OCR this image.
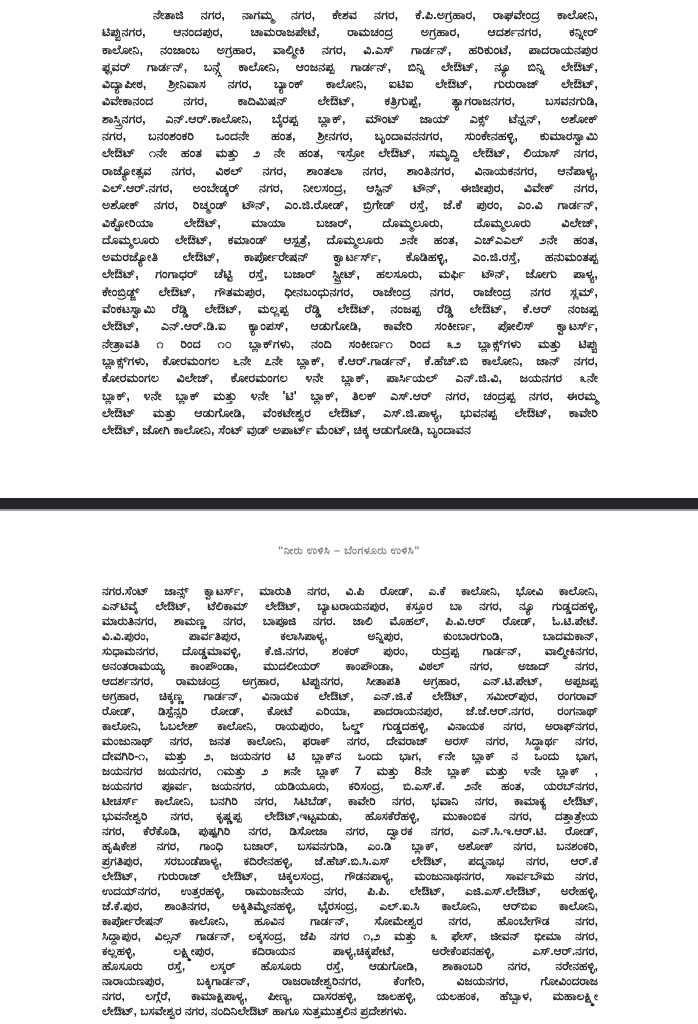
ನೇತಾಜಿ ನಗರ, ನಾಗಮ್ಮ ನಗರ, ಕೇಶವ ನಗರ, ಕೆ.ಪಿ.ಅಗ್ರಹಾರ, ರಾಘವೇಂದ್ರ ಕಾಲೋನಿ,
ಟಿಪ್ಪುನಗರ, ಆನಂದಪುರ, ಚಾಮರಾಜಪೇಟೆ, ರಾಮಚಂದ್ರ ಅಗ್ರಹಾರ, ಆದರ್ಶನಗರ, ಕನ್ನೀರ್
ಕಾಲೋನಿ, ನಂಜಾಂಬ ಅಗ್ರಹಾರ, ವಾಲ್ಮೀಕಿ ನಗರ, ವಿ.ಎಸ್ ಗಾರ್ಡನ್, ಹರಿಕುಂಟೆ, ಪಾದರಾಯನಪುರ
ಫ್ಲವರ್ ಗಾರ್ಡನ್, ಬನ್ಗ್ಗೆ ಕಾಲೋನಿ, ಆಂಜನಪ್ಪ ಗಾರ್ಡನ್, ಬಿನ್ನಿ ಲೇಔಟ್, ನ್ಯೂ ಬಿನ್ನಿ ಲೇಔಟ್,
ವಿದ್ಯಾಪೀಠ, ಶ್ರೀನಿವಾಸ ನಗರ, ಬ್ಯಾಂಕ್ ಕಾಲೋನಿ, ಐಟಿಐ ಲೇಔಟ್, ಗುರುರಾಜ್ ಲೇಔಟ್,
ವಿವೇಕಾನಂದ ನಗರ, ಕಾದಿಮಿಷನ್ ಲೇಔಟ್, ಕತ್ರಿಗುಪ್ಪೆ, ತ್ಯಾಗರಾಜನಗರ, ಬಸವನಗುಡಿ,
ಶಾಸ್ತ್ರಿನಗರ, ಎನ್.ಆರ್.ಕಾಲೋನಿ, ಬೈರಪ್ಪ ಬ್ಲಾಕ್, ಮೌಂಟ್ ಜಾಯ್ ಎಕ್ಸ್ ಟೆನ್ಷನ್, ಅಶೋಕ್
ನಗರ, ಬನಂಶಂಕರಿ ಒಂದನೇ ಹಂತ, ಶ್ರೀನಗರ, ಬೃಂದಾವನನಗರ, ಸುಂಕೇನಹಳ್ಳಿ, ಕುಮಾರಸ್ವಾಮಿ
ಲೇಔಟ್ ೧ನೇ ಹಂತ ಮತ್ತು ೨ ನೇ ಹಂತ, ಇಸ್ರೋ ಲೇಔಟ್, ಸಮೃದ್ದಿ ಲೇಔಟ್, ಲಿಯಾಸ್ ನಗರ,
ರಾಜ್ಯೋತ್ಸವ ನಗರ, ವಿಠಲ್ ನಗರ, ಶಾಂತಲಾ ನಗರ, ಶಾಂತಿನಗರ, ವಿನಾಯಕನಗರ, ಆನೆಪಾಳ್ಯ,
ಎಲ್.ಆರ್.ನಗರ, ಅಂಬೇಡ್ಕರ್ ನಗರ, ನೀಲಸಂದ್ರ, ಆಸ್ಟಿನ್ ಟೌನ್, ಈಜೀಪುರ, ವಿವೇಕ್ ನಗರ,
ಅಶೋಕ್ ನಗರ, ರಿಚ್ಮಂಡ್ ಟೌನ್, ಎಂ.ಜಿ.ರೋಡ್, ಬ್ರಿಗೇಡ್ ರಸ್ತೆ, ಜೆ.ಕೆ ಪುರಂ, ಎಂ.ವಿ ಗಾರ್ಡನ್,
ವಿಕ್ಟೋರಿಯಾ ಲೇಔಟ್, ಮಾಯಾ ಬಜಾರ್, ದೊಮ್ಮಲೂರು, ದೊಮ್ಮಲೂರು ವಿಲೇಜ್,
ದೊಮ್ಮಲೂರು ಲೇಔಟ್, ಕಮಾಂಡ್ ಆಸ್ಪತ್ರೆ, ದೊಮ್ಮಲೂರು ೨ನೇ ಹಂತ, ಎಚ್ಎಎಲ್ ೨ನೇ ಹಂತ,
ಅಮರಜ್ಯೋತಿ ಲೇಔಟ್, ಕಾರ್ಪೋರೇಷನ್ ಕ್ವಾರ್ಟರ್ಸ್, ಕೊಡಿಹಳ್ಳಿ, ಎಂ.ಜಿ.ರಸ್ತೆ, ಹನುಮಂತಪ್ಪ
ಲೇಔಟ್, ಗಂಗಾಧರ್ ಚೆಟ್ಟಿ ರಸ್ತೆ, ಬಜಾರ್ ಸ್ಟ್ರೀಟ್, ಹಲಸೂರು, ಮರ್ಫಿ ಟೌನ್, ಜೋಗು ಪಾಳ್ಯ,
ಕೇಂಬ್ರಿಡ್ಜ್ ಲೇಔಟ್, ಗೌತಮಪುರ, ಧೀನಬಂಧುನಗರ, ರಾಜೇಂದ್ರ ನಗರ, ರಾಜೇಂದ್ರ ನಗರ ಸ್ಲಮ್,
ವೆಂಕಟಸ್ವಾಮಿ ರೆಡ್ಡಿ ಲೇಔಟ್, ಮಲ್ಲಪ್ಪ ರೆಡ್ಡಿ ಲೇಔಟ್, ನಂಜಪ್ಪ ರೆಡ್ಡಿ ಲೇಔಟ್, ಕೆ.ಆರ್ ನಂಜಪ್ಪ
ಲೇಔಟ್, ಎನ್.ಆರ್.ಡಿ.ಐ ಕ್ಯಾಂಪಸ್, ಆಡುಗೋಡಿ, ಕಾವೇರಿ ಸಂಕೀರ್ಣ, ಪೋಲಿಸ್ ಕ್ವಾಟರ್ಸ್,
ನೇತ್ರಾವತಿ ೧ ರಿಂದ ೧೦ ಬ್ಲಾಕ್‌ಗಳು, ನಂದಿ ಸಂಕೀರ್ಣ೧ ರಿಂದ ೩೨ ಬ್ಲಾಕ್ಸ್‌ಗಳು ಮತ್ತು ಟಿಪ್ಪು
ಬ್ಲಾಕ್ಸ್‌ಗಳು, ಕೋರಮಂಗಲ ೬ನೇ ೭ನೇ ಬ್ಲಾಕ್, ಕೆ.ಆರ್.ಗಾರ್ಡನ್, ಕೆ.ಹೆಚ್.ಬಿ ಕಾಲೋನಿ, ಜಾನ್ ನಗರ,
ಕೋರಮಂಗಲ ವಿಲೇಜ್, ಕೋರಮಂಗಲ ೪ನೇ ಬ್ಲಾಕ್, ಪಾರ್ಸಿಯಲ್ ಎನ್.ಜಿ.ವಿ, ಜಯನಗರ ೩ನೇ
ಬ್ಲಾಕ್, ೪ನೇ ಬ್ಲಾಕ್ ಮತ್ತು ೪ನೇ 'ಟಿ' ಬ್ಲಾಕ್, ತಿಲಕ್ ಎಸ್.ಆರ್ ನಗರ, ಚಂದ್ರಪ್ಪ ನಗರ, ಈರಮ್ಮ
ಲೇಔಟ್ ಮತ್ತು ಆಡುಗೋಡಿ, ವೆಂಕಟೇಶ್ವರ ಲೇಔಟ್, ಎಸ್.ಜಿ.ಪಾಳ್ಯ, ಭುವನಪ್ಪ ಲೇಔಟ್, ಕಾವೇರಿ
ಲೇಔಟ್, ಜೋಗಿ ಕಾಲೋನಿ, ಸೆಂಟ್ ವುಡ್ ಅಪಾರ್ಟ್ ಮೆಂಟ್, ಚಿಕ್ಕ ಆಡುಗೋಡಿ, ಬೃಂದಾವನ
"ನೀರು ಉಳಿಸಿ – ಬೆಂಗಳೂರು ಉಳಿಸಿ"
ನಗರ.ಸೆಂಟ್ ಜಾನ್ಸ್ ಕ್ವಾಟರ್ಸ್, ಮಾರುತಿ ನಗರ, ವಿ.ಪಿ ರೋಡ್, ಎ.ಕೆ ಕಾಲೋನಿ, ಭೋವಿ ಕಾಲೋನಿ,
ಎನ್‌ಟಿವೈ ಲೇಔಟ್, ಟೆಲಿಕಾಮ್ ಲೇಔಟ್, ಬ್ಯಾಟರಾಯನಪುರ, ಕಸ್ತೂರ ಬಾ ನಗರ, ನ್ಯೂ ಗುಡ್ಡದಹಳ್ಳಿ,
ಮಾರುತಿನಗರ, ಶಾಮಣ್ಣ ನಗರ, ಬಾಪೂಜಿ ನಗರ. ಜಾಲಿ ಮೊಹಲ್, ಪಿ.ವಿ.ಆರ್ ರೋಡ್, ಓ.ಟಿ.ಪೇಟೆ.
ವಿ.ವಿ.ಪುರಂ, ಪಾರ್ವತಿಪುರ, ಕಲಾಸಿಪಾಳ್ಯ, ಅನ್ನಿಪುರ, ಕುಂಬಾರಗುಂಡಿ, ಬಾದಮಕಾನ್,
ಸುಧಾಮನಗರ, ದೊಡ್ಡಮಾವಳ್ಳಿ, ಕೆ.ಜಿ.ನಗರ, ಶಂಕರ್ ಪುರಂ, ರುದ್ರಪ್ಪ ಗಾರ್ಡನ್, ವಾಲ್ಮೀಕಿನಗರ,
ಅನಂತರಾಮಯ್ಯ ಕಾಂಪೌಂಡಾ, ಮುದಲೀಯರ್ ಕಾಂಪೌಂಡಾ, ವಿಠಲ್ ನಗರ, ಅಜಾದ್ ನಗರ,
ಆದರ್ಶನಗರ, ರಾಮಚಂದ್ರ ಅಗ್ರಹಾರ, ಟಿಪ್ಪುನಗರ, ಸೀತಾಪತಿ ಅಗ್ರಹಾರ, ಎನ್.ಟಿ.ಪೇಟ್, ಅಪ್ಪಜಪ್ಪ
ಅಗ್ರಹಾರ, ಚಿಕ್ಕಣ್ಣ ಗಾರ್ಡನ್, ವಿನಾಯಕ ಲೇಔಟ್, ಎನ್.ಜಿ.ಕೆ ಲೇಔಟ್, ಸಮೀರ್‌ಪುರ, ರಂಗರಾವ್
ರೋಡ್, ಡಿಸ್ಪೆನ್ಸರಿ ರೋಡ್, ಕೋಟೆ ಎರಿಯಾ, ಪಾದರಾಯನಪುರ, ಜೆ.ಜೆ.ಆರ್.ನಗರ, ರಂಗನಾಥ್
ಕಾಲೋನಿ, ಓಬಲೇಶ್ ಕಾಲೋನಿ, ರಾಯಪುರಂ, ಓಲ್ಡ್ ಗುಡ್ಡದಹಳ್ಳಿ, ವಿನಾಯಕ ನಗರ, ಅರಾಫ್‌ನಗರ,
ಮಂಜುನಾಥ್ ನಗರ, ಜನತ ಕಾಲೋನಿ, ಫರಾಕ್ ನಗರ, ದೇವರಾಜ್ ಅರಸ್ ನಗರ, ಸಿದ್ಧಾರ್ಥ ನಗರ,
ದೇವಗಿರಿ-೧, ಮತ್ತು ೨, ಜಯನಗರ ಟಿ ಬ್ಲಾಕ್‌ನ ಒಂದು ಭಾಗ, ೯ನೇ ಬ್ಲಾಕ್ ನ ಒಂದು ಭಾಗ,
ಜಯನಗರ ಜಯನಗರ, ೧ಮತ್ತು ೨ ೫ನೇ ಬ್ಲಾಕ್ 7 ಮತ್ತು 8ನೇ ಬ್ಲಾಕ್ ಮತ್ತು ೪ನೇ ಬ್ಲಾಕ್ ,
ಜಯನಗರ ಪೂರ್ವ, ಜಯನಗರ, ಯಡಿಯೂರು, ಕರಿಸಂದ್ರ, ಬಿ.ಎಸ್.ಕೆ. ೨ನೇ ಹಂತ, ಯರಬ್‌ನಗರ,
ಟೀಚರ್ಸ್ ಕಾಲೋನಿ, ಬನಗಿರಿ ನಗರ, ಸಿಟಿಬೆಡ್, ಕಾವೇರಿ ನಗರ, ಭವಾನಿ ನಗರ, ಕಾಮಾಕ್ಯ ಲೇಔಟ್,
ಭುವನೇಶ್ವರಿ ನಗರ, ಕೃಷ್ಣಪ್ಪ ಲೇಔಟ್,ಇಟ್ಟಮಡು, ಹೊಸಕೆರೆಹಳ್ಳಿ, ಮುಕಾಂಬಿಕ ನಗರ, ದತ್ತಾತ್ರೇಯ
ನಗರ, ಕೆರೆಕೊಡಿ, ಪುಷ್ಪಗಿರಿ ನಗರ, ಡಿಸೋಜಾ ನಗರ, ದ್ವಾರಕ ನಗರ, ಎನ್.ಸಿ.ಇ.ಆರ್.ಟಿ. ರೋಡ್,
ಹೃಷಿಕೇಶ ನಗರ, ಗಾಂಧಿ ಬಜಾರ್, ಬಸವನಗುಡಿ, ಎಂ.ಡಿ ಬ್ಲಾಕ್, ಅಶೋಕ್ ನಗರ, ಬನಶಂಕರಿ,
ಪ್ರಗತಿಪುರ, ಸರಬಂಡೆಪಾಳ್ಯ, ಕದಿರೇನಹಳ್ಳಿ, ಜೆ.ಹೆಚ್.ಬಿ.ಸಿ.ಎಸ್ ಲೇಔಟ್, ಪದ್ಮನಾಭ ನಗರ, ಆರ್.ಕೆ
ಲೇಔಟ್, ಗುರುರಾಜ್ ಲೇಔಟ್, ಚಿಕ್ಕಲಸಂದ್ರ, ಗೌಡನಪಾಳ್ಯ, ಮಂಜುನಾಥನಗರ, ಸಾರ್ವಬೌಮ ನಗರ,
ಉದಯ್‌ನಗರ, ಉತ್ತರಹಳ್ಳಿ, ರಾಮಂಜನೇಯ ನಗರ, ಪಿ.ಪಿ. ಲೇಔಟ್, ಎಜಿ.ಎಸ್.ಲೇಔಟ್, ಅರೇಹಳ್ಳಿ,
ಜೆ.ಕೆ.ಪುರ, ಶಾಂತಿನಗರ, ಅಕ್ಕಿತಿಮ್ಮೇನಹಳ್ಳಿ, ಭೈರಸಂದ್ರ, ಎಲ್.ಐ.ಸಿ ಕಾಲೋನಿ, ಆರ್‌ಬಿಐ ಕಾಲೋನಿ,
ಕಾರ್ಪೋರೇಷನ್ ಕಾಲೋನಿ, ಹೂವಿನ ಗಾರ್ಡನ್, ಸೋಮೇಶ್ವರ ನಗರ, ಹೊಂಬೇಗೌಡ ನಗರ,
ಸಿದ್ದಾಪುರ, ವಿಲ್ಸನ್ ಗಾರ್ಡನ್, ಲಕ್ಕಸಂದ್ರ, ಜೆಪಿ ನಗರ ೧,೨ ಮತ್ತು ೩ ಫೇಸ್, ಜೀವನ್ ಭೀಮಾ ನಗರ,
ಕಲ್ಲಹಳ್ಳಿ, ಲಕ್ಷ್ಮೀಪುರ, ಕದಿರಾಯನ ಪಾಳ್ಯ,ಚಿಕ್ಕಪೇಟೆ, ಅರೇಕೆಂಪನಹಳ್ಳಿ, ಎಸ್.ಆರ್.ನಗರ,
ಹೊಸೂರು ರಸ್ತೆ, ಲಸ್ಕರ್ ಹೊಸೂರು ರಸ್ತೆ, ಆಡುಗೋಡಿ, ಶಾಕಾಂಬರಿ ನಗರ, ನರೇನಹಳ್ಳಿ,
ನಾರಾಯಣಪುರ, ಬಕ್ಕಿಗಾರ್ಡನ್, ರಾಜರಾಜೇಶ್ವರಿನಗರ, ಕೆಂಗೇರಿ, ವಿಜಯನಗರ, ಗೋವಿಂದರಾಜ
ನಗರ, ಲಗ್ಗೆರೆ, ಕಾಮಾಕ್ಷಿಪಾಳ್ಯ, ಪೀಣ್ಯ, ದಾಸರಹಳ್ಳಿ, ಜಾಲಹಳ್ಳಿ, ಯಲಹಂಕ, ಹೆಬ್ಬಾಳ, ಮಹಾಲಕ್ಷ್ಮೀ
ಲೇಔಟ್, ಬಸವೇಶ್ವರ ನಗರ, ನಂದಿನಿಲೇಔಟ್ ಹಾಗೂ ಸುತ್ತಮುತ್ತಲಿನ ಪ್ರದೇಶಗಳು.
